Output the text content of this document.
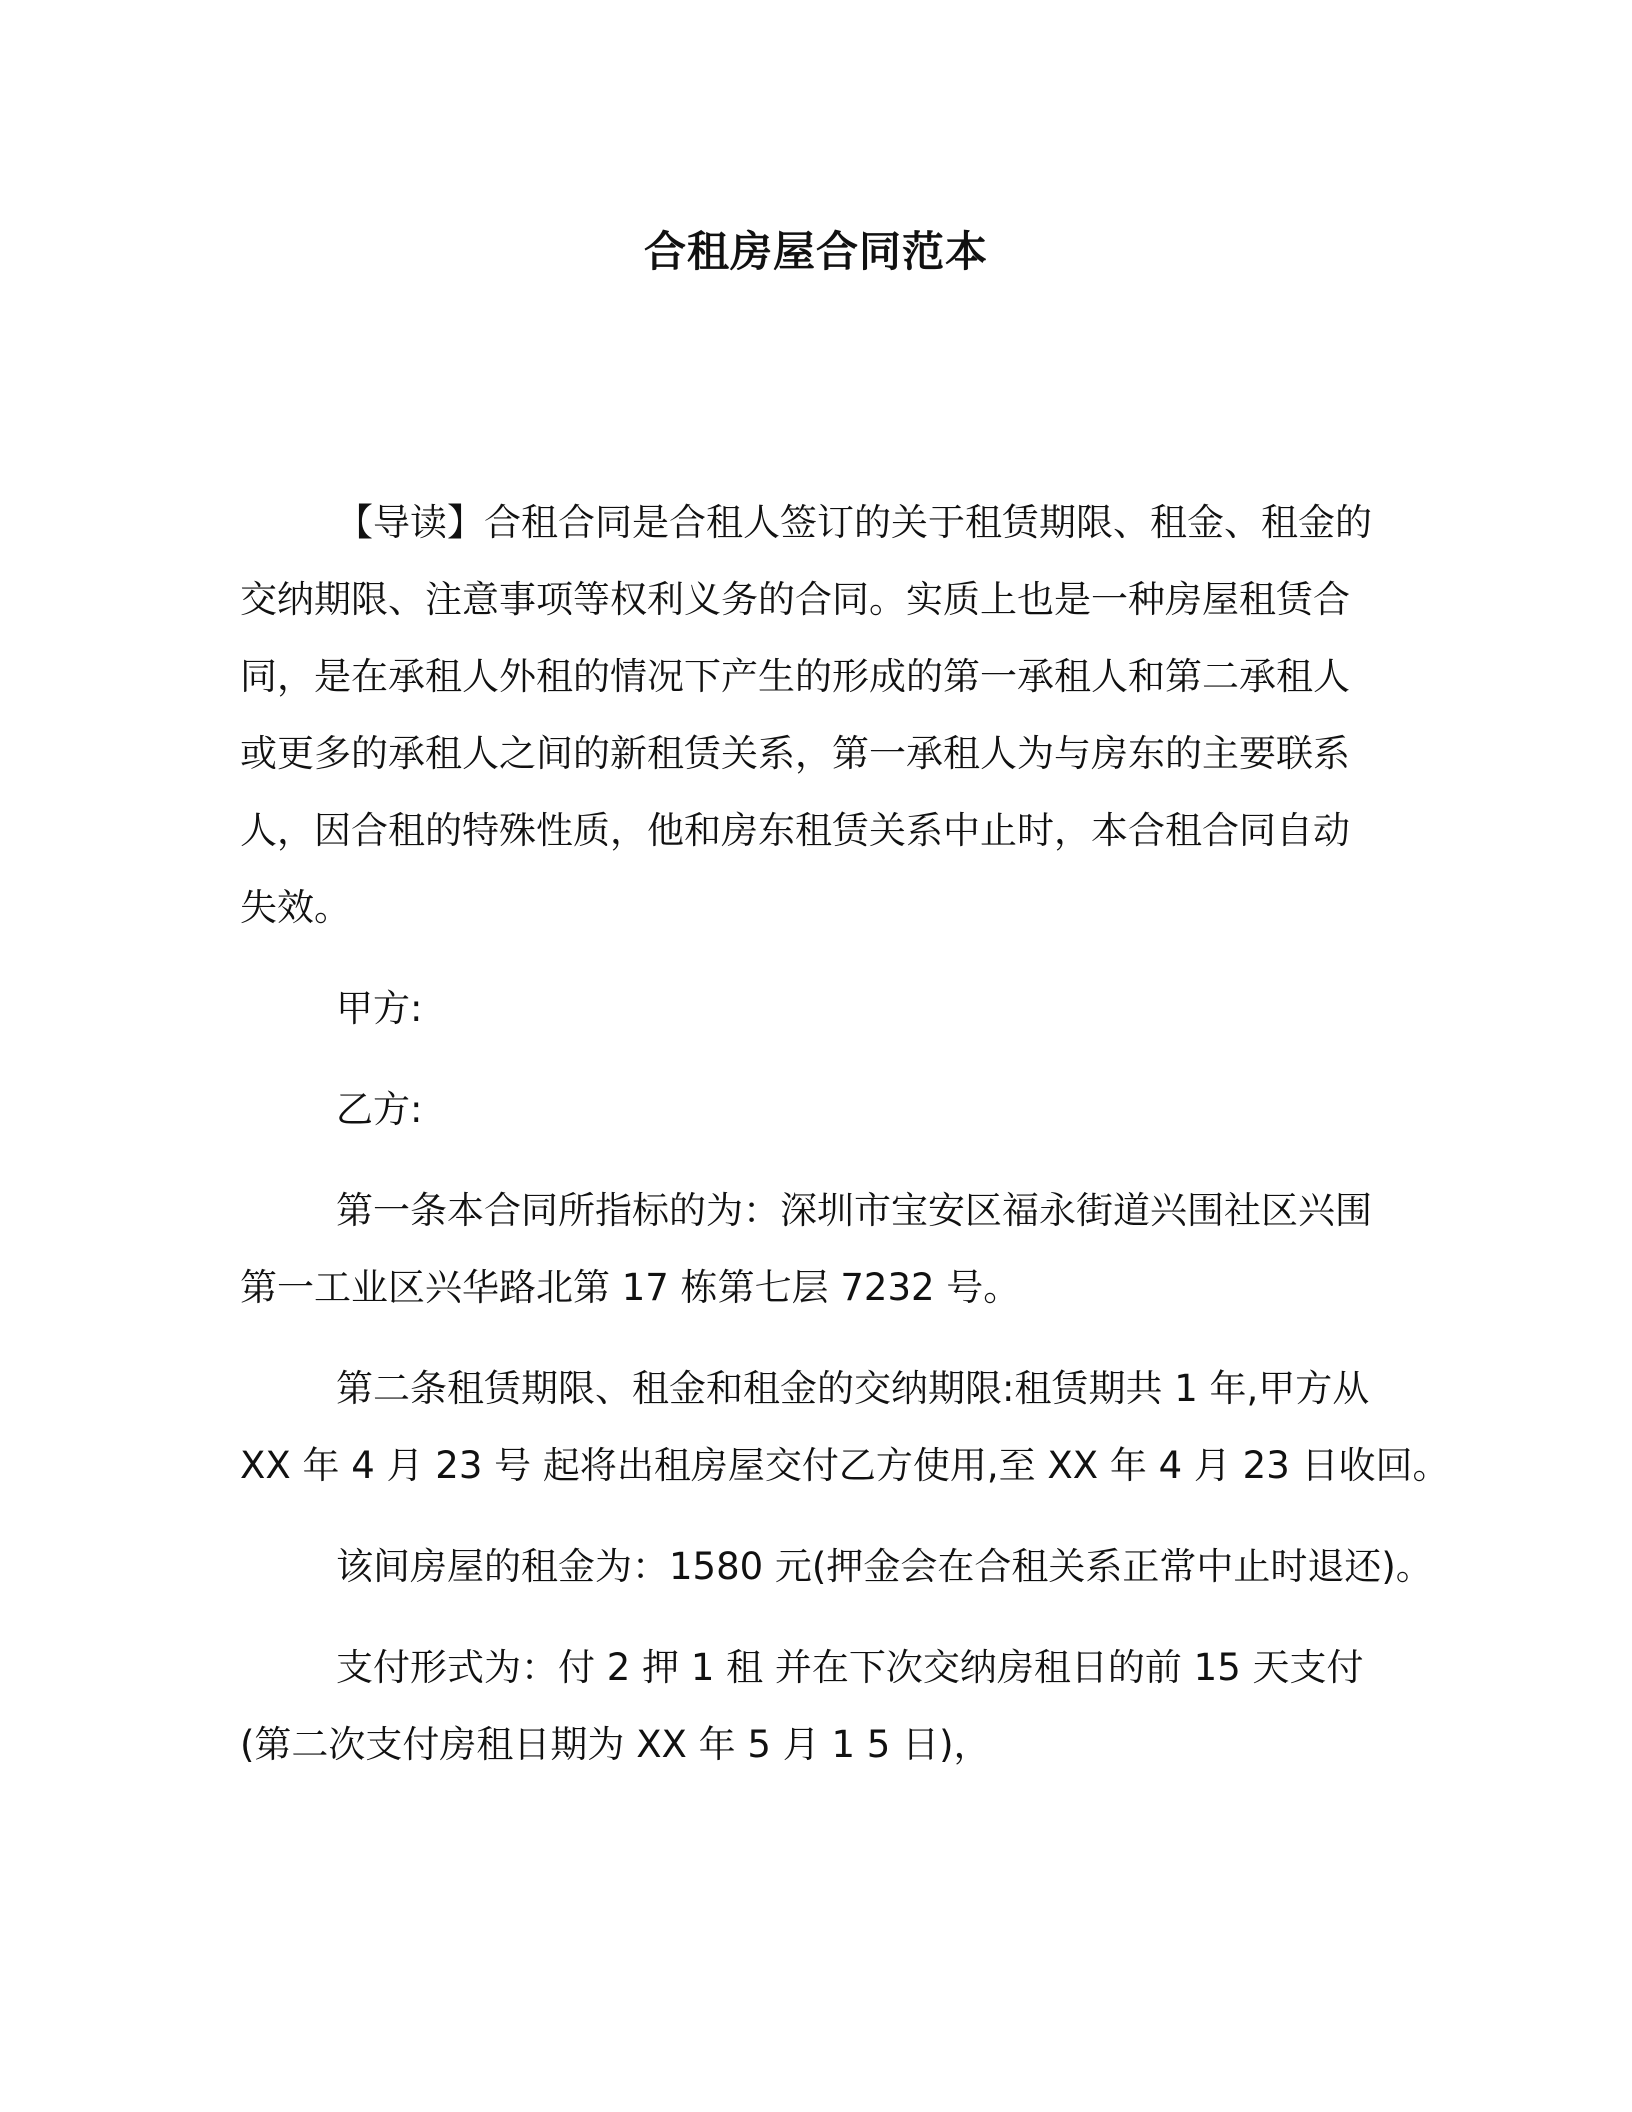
合租房屋合同范本
【导读】合租合同是合租人签订的关于租赁期限、租金、租金的
交纳期限、注意事项等权利义务的合同。实质上也是一种房屋租赁合
同，是在承租人外租的情况下产生的形成的第一承租人和第二承租人
或更多的承租人之间的新租赁关系，第一承租人为与房东的主要联系
人，因合租的特殊性质，他和房东租赁关系中止时，本合租合同自动
失效。
甲方:
乙方:
第一条本合同所指标的为：深圳市宝安区福永街道兴围社区兴围
第一工业区兴华路北第 17 栋第七层 7232 号。
第二条租赁期限、租金和租金的交纳期限:租赁期共 1 年,甲方从
XX 年 4 月 23 号 起将出租房屋交付乙方使用,至 XX 年 4 月 23 日收回。
该间房屋的租金为：1580 元(押金会在合租关系正常中止时退还)。
支付形式为：付 2 押 1 租 并在下次交纳房租日的前 15 天支付
(第二次支付房租日期为 XX 年 5 月 1 5 日)，
